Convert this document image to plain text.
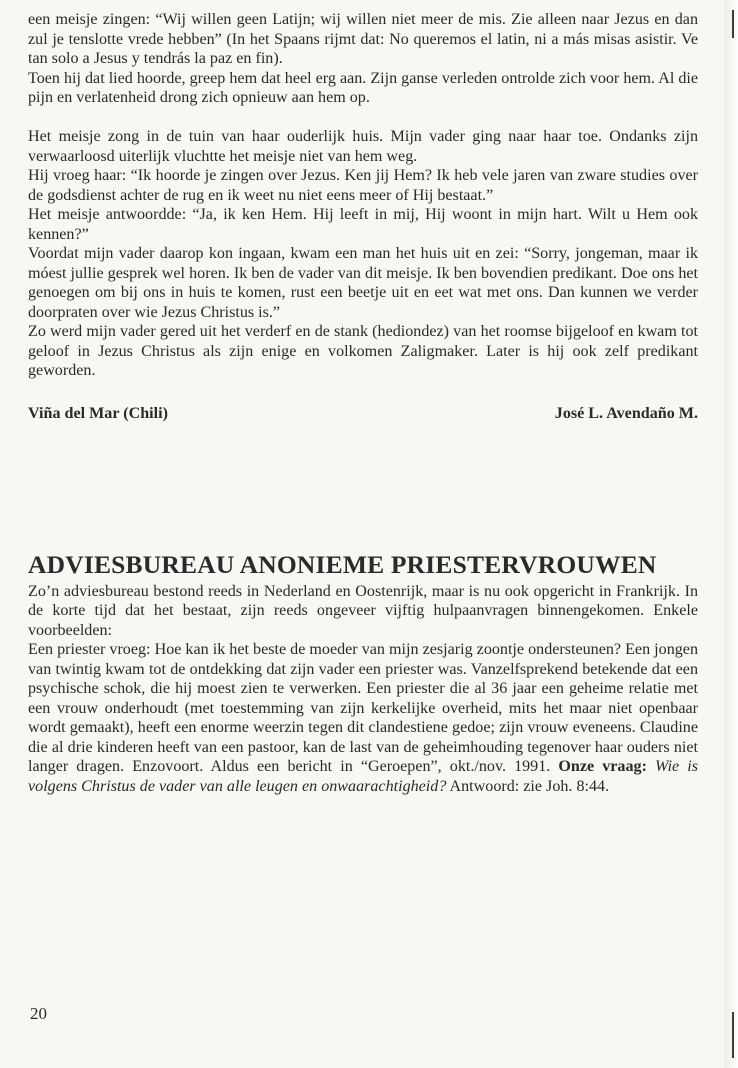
een meisje zingen: “Wij willen geen Latijn; wij willen niet meer de mis. Zie alleen naar Jezus en dan zul je tenslotte vrede hebben” (In het Spaans rijmt dat: No queremos el latin, ni a más misas asistir. Ve tan solo a Jesus y tendrás la paz en fin).

Toen hij dat lied hoorde, greep hem dat heel erg aan. Zijn ganse verleden ontrolde zich voor hem. Al die pijn en verlatenheid drong zich opnieuw aan hem op.

Het meisje zong in de tuin van haar ouderlijk huis. Mijn vader ging naar haar toe. Ondanks zijn verwaarloosd uiterlijk vluchtte het meisje niet van hem weg.

Hij vroeg haar: “Ik hoorde je zingen over Jezus. Ken jij Hem? Ik heb vele jaren van zware studies over de godsdienst achter de rug en ik weet nu niet eens meer of Hij bestaat.”

Het meisje antwoordde: “Ja, ik ken Hem. Hij leeft in mij, Hij woont in mijn hart. Wilt u Hem ook kennen?”

Voordat mijn vader daarop kon ingaan, kwam een man het huis uit en zei: “Sorry, jongeman, maar ik móest jullie gesprek wel horen. Ik ben de vader van dit meisje. Ik ben bovendien predikant. Doe ons het genoegen om bij ons in huis te komen, rust een beetje uit en eet wat met ons. Dan kunnen we verder doorpraten over wie Jezus Christus is.”

Zo werd mijn vader gered uit het verderf en de stank (hediondez) van het roomse bijgeloof en kwam tot geloof in Jezus Christus als zijn enige en volkomen Zaligmaker. Later is hij ook zelf predikant geworden.

Viña del Mar (Chili)	José L. Avendaño M.
ADVIESBUREAU ANONIEME PRIESTERVROUWEN

Zo’n adviesbureau bestond reeds in Nederland en Oostenrijk, maar is nu ook opgericht in Frankrijk. In de korte tijd dat het bestaat, zijn reeds ongeveer vijftig hulpaanvragen binnengekomen. Enkele voorbeelden:

Een priester vroeg: Hoe kan ik het beste de moeder van mijn zesjarig zoontje ondersteunen? Een jongen van twintig kwam tot de ontdekking dat zijn vader een priester was. Vanzelfsprekend betekende dat een psychische schok, die hij moest zien te verwerken. Een priester die al 36 jaar een geheime relatie met een vrouw onderhoudt (met toestemming van zijn kerkelijke overheid, mits het maar niet openbaar wordt gemaakt), heeft een enorme weerzin tegen dit clandestiene gedoe; zijn vrouw eveneens. Claudine die al drie kinderen heeft van een pastoor, kan de last van de geheimhouding tegenover haar ouders niet langer dragen. Enzovoort. Aldus een bericht in “Geroepen”, okt./nov. 1991. Onze vraag: Wie is volgens Christus de vader van alle leugen en onwaarachtigheid? Antwoord: zie Joh. 8:44.

20
